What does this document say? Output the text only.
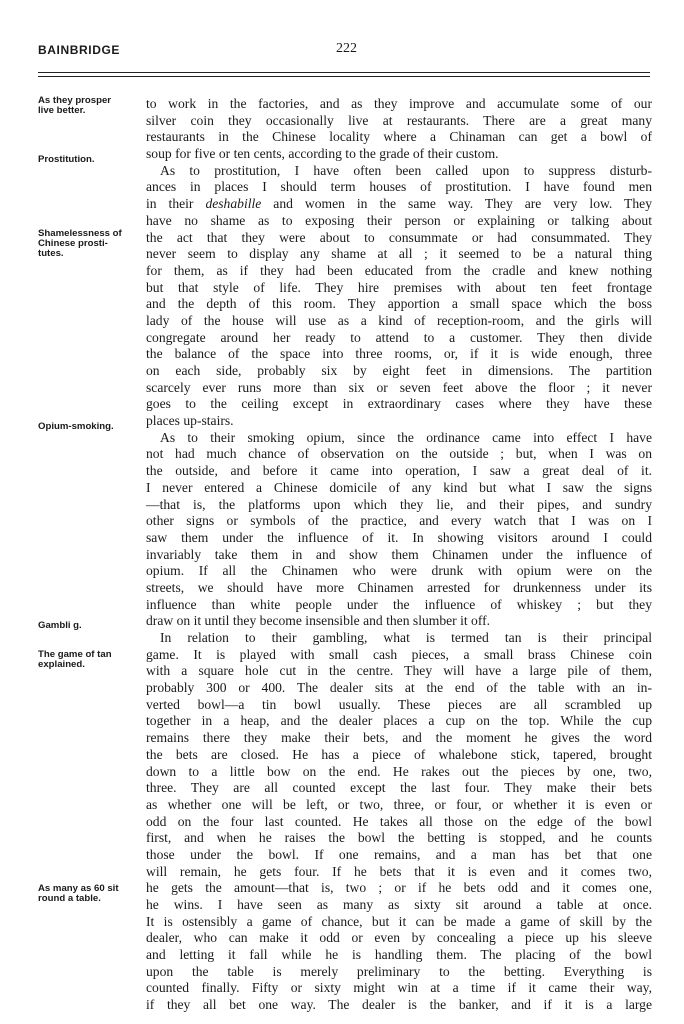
BAINBRIDGE	222
As they prosper
live better.
Prostitution.
Shamelessness of
Chinese prosti-
tutes.
Opium-smoking.
Gambli g.
The game of tan
explained.
As many as 60 sit
round a table.
to work in the factories, and as they improve and accumulate some of our
silver coin they occasionally live at restaurants. There are a great many
restaurants in the Chinese locality where a Chinaman can get a bowl of
soup for five or ten cents, according to the grade of their custom.
As to prostitution, I have often been called upon to suppress disturb-
ances in places I should term houses of prostitution. I have found men
in their deshabille and women in the same way. They are very low. They
have no shame as to exposing their person or explaining or talking about
the act that they were about to consummate or had consummated. They
never seem to display any shame at all ; it seemed to be a natural thing
for them, as if they had been educated from the cradle and knew nothing
but that style of life. They hire premises with about ten feet frontage
and the depth of this room. They apportion a small space which the boss
lady of the house will use as a kind of reception-room, and the girls will
congregate around her ready to attend to a customer. They then divide
the balance of the space into three rooms, or, if it is wide enough, three
on each side, probably six by eight feet in dimensions. The partition
scarcely ever runs more than six or seven feet above the floor ; it never
goes to the ceiling except in extraordinary cases where they have these
places up-stairs.
As to their smoking opium, since the ordinance came into effect I have
not had much chance of observation on the outside ; but, when I was on
the outside, and before it came into operation, I saw a great deal of it.
I never entered a Chinese domicile of any kind but what I saw the signs
—that is, the platforms upon which they lie, and their pipes, and sundry
other signs or symbols of the practice, and every watch that I was on I
saw them under the influence of it. In showing visitors around I could
invariably take them in and show them Chinamen under the influence of
opium. If all the Chinamen who were drunk with opium were on the
streets, we should have more Chinamen arrested for drunkenness under its
influence than white people under the influence of whiskey ; but they
draw on it until they become insensible and then slumber it off.
In relation to their gambling, what is termed tan is their principal
game. It is played with small cash pieces, a small brass Chinese coin
with a square hole cut in the centre. They will have a large pile of them,
probably 300 or 400. The dealer sits at the end of the table with an in-
verted bowl—a tin bowl usually. These pieces are all scrambled up
together in a heap, and the dealer places a cup on the top. While the cup
remains there they make their bets, and the moment he gives the word
the bets are closed. He has a piece of whalebone stick, tapered, brought
down to a little bow on the end. He rakes out the pieces by one, two,
three. They are all counted except the last four. They make their bets
as whether one will be left, or two, three, or four, or whether it is even or
odd on the four last counted. He takes all those on the edge of the bowl
first, and when he raises the bowl the betting is stopped, and he counts
those under the bowl. If one remains, and a man has bet that one
will remain, he gets four. If he bets that it is even and it comes two,
he gets the amount—that is, two ; or if he bets odd and it comes one,
he wins. I have seen as many as sixty sit around a table at once.
It is ostensibly a game of chance, but it can be made a game of skill by the
dealer, who can make it odd or even by concealing a piece up his sleeve
and letting it fall while he is handling them. The placing of the bowl
upon the table is merely preliminary to the betting. Everything is
counted finally. Fifty or sixty might win at a time if it came their way,
if they all bet one way. The dealer is the banker, and if it is a large
